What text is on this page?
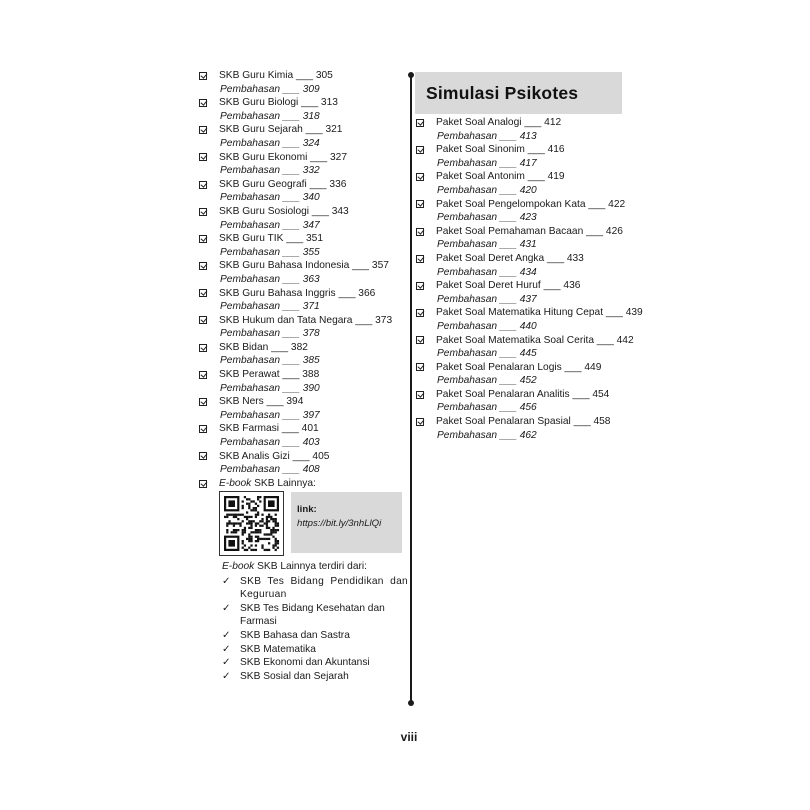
SKB Guru Kimia ___ 305
Pembahasan ___ 309
SKB Guru Biologi ___ 313
Pembahasan ___ 318
SKB Guru Sejarah ___ 321
Pembahasan ___ 324
SKB Guru Ekonomi ___ 327
Pembahasan ___ 332
SKB Guru Geografi ___ 336
Pembahasan ___ 340
SKB Guru Sosiologi ___ 343
Pembahasan ___ 347
SKB Guru TIK ___ 351
Pembahasan ___ 355
SKB Guru Bahasa Indonesia ___ 357
Pembahasan ___ 363
SKB Guru Bahasa Inggris ___ 366
Pembahasan ___ 371
SKB Hukum dan Tata Negara ___ 373
Pembahasan ___ 378
SKB Bidan ___ 382
Pembahasan ___ 385
SKB Perawat ___ 388
Pembahasan ___ 390
SKB Ners ___ 394
Pembahasan ___ 397
SKB Farmasi ___ 401
Pembahasan ___ 403
SKB Analis Gizi ___ 405
Pembahasan ___ 408
E-book SKB Lainnya:
link:
https://bit.ly/3nhLlQi
E-book SKB Lainnya terdiri dari:
✓ SKB Tes Bidang Pendidikan dan Keguruan
✓ SKB Tes Bidang Kesehatan dan Farmasi
✓ SKB Bahasa dan Sastra
✓ SKB Matematika
✓ SKB Ekonomi dan Akuntansi
✓ SKB Sosial dan Sejarah
Simulasi Psikotes
Paket Soal Analogi ___ 412
Pembahasan ___ 413
Paket Soal Sinonim ___ 416
Pembahasan ___ 417
Paket Soal Antonim ___ 419
Pembahasan ___ 420
Paket Soal Pengelompokan Kata ___ 422
Pembahasan ___ 423
Paket Soal Pemahaman Bacaan ___ 426
Pembahasan ___ 431
Paket Soal Deret Angka ___ 433
Pembahasan ___ 434
Paket Soal Deret Huruf ___ 436
Pembahasan ___ 437
Paket Soal Matematika Hitung Cepat ___ 439
Pembahasan ___ 440
Paket Soal Matematika Soal Cerita ___ 442
Pembahasan ___ 445
Paket Soal Penalaran Logis ___ 449
Pembahasan ___ 452
Paket Soal Penalaran Analitis ___ 454
Pembahasan ___ 456
Paket Soal Penalaran Spasial ___ 458
Pembahasan ___ 462
viii
